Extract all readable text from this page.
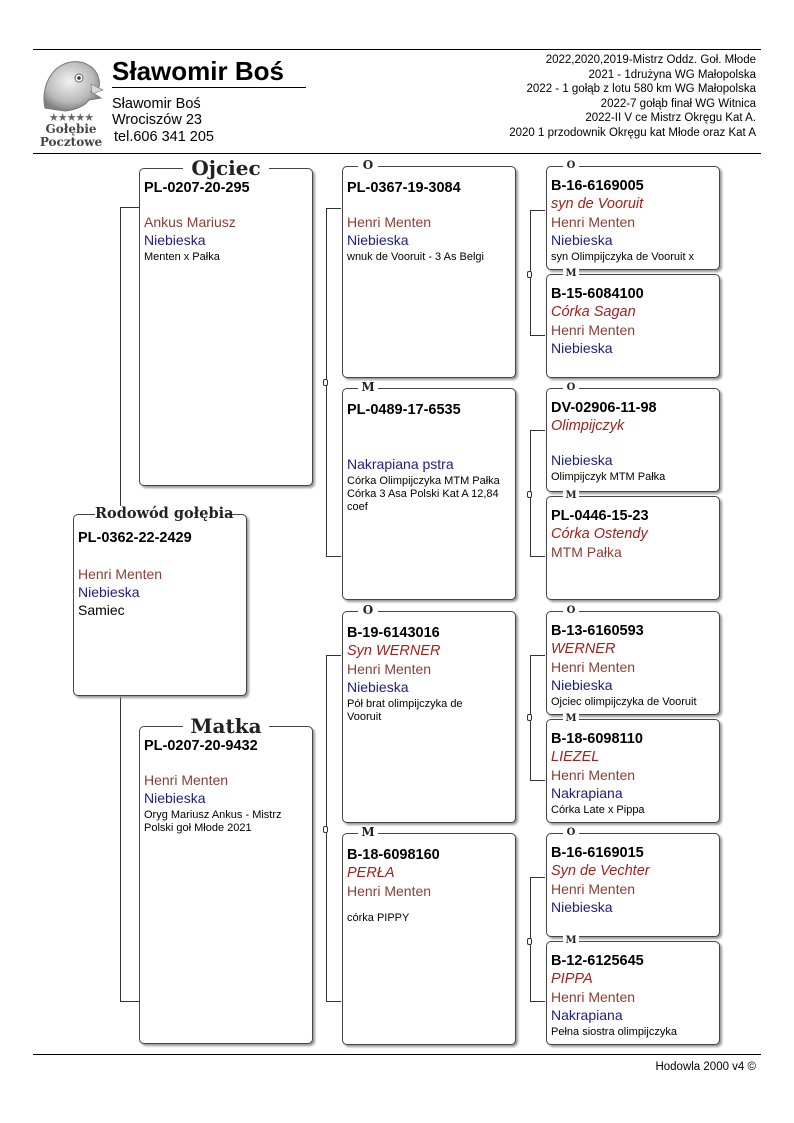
★★★★★
Gołębie
Pocztowe
Sławomir Boś
Sławomir Boś
Wrociszów 23
tel.606 341 205
2022,2020,2019-Mistrz Oddz. Goł. Młode
2021 - 1drużyna WG Małopolska
2022 - 1 gołąb z lotu 580 km WG Małopolska
2022-7 gołąb finał WG Witnica
2022-II V ce Mistrz Okręgu Kat A.
2020 1 przodownik Okręgu kat Młode oraz Kat A
PL-0362-22-2429
Henri Menten
Niebieska
Samiec
Rodowód gołębia
PL-0207-20-295
Ankus Mariusz
Niebieska
Menten x Pałka
Ojciec
PL-0207-20-9432
Henri Menten
Niebieska
Oryg Mariusz Ankus - Mistrz Polski goł Młode 2021
Matka
PL-0367-19-3084
Henri Menten
Niebieska
wnuk de Vooruit - 3 As Belgi
O
PL-0489-17-6535
Nakrapiana pstra
Córka Olimpijczyka MTM Pałka Córka 3 Asa Polski Kat A 12,84 coef
M
B-19-6143016
Syn WERNER
Henri Menten
Niebieska
Pół brat olimpijczyka de Vooruit
O
B-18-6098160
PERŁA
Henri Menten
córka PIPPY
M
B-16-6169005
syn de Vooruit
Henri Menten
Niebieska
syn Olimpijczyka de Vooruit x
O
B-15-6084100
Córka Sagan
Henri Menten
Niebieska
M
DV-02906-11-98
Olimpijczyk
Niebieska
Olimpijczyk MTM Pałka
O
PL-0446-15-23
Córka Ostendy
MTM Pałka
M
B-13-6160593
WERNER
Henri Menten
Niebieska
Ojciec olimpijczyka de Vooruit
O
B-18-6098110
LIEZEL
Henri Menten
Nakrapiana
Córka Late x Pippa
M
B-16-6169015
Syn de Vechter
Henri Menten
Niebieska
O
B-12-6125645
PIPPA
Henri Menten
Nakrapiana
Pełna siostra olimpijczyka
M
Hodowla 2000 v4 ©
